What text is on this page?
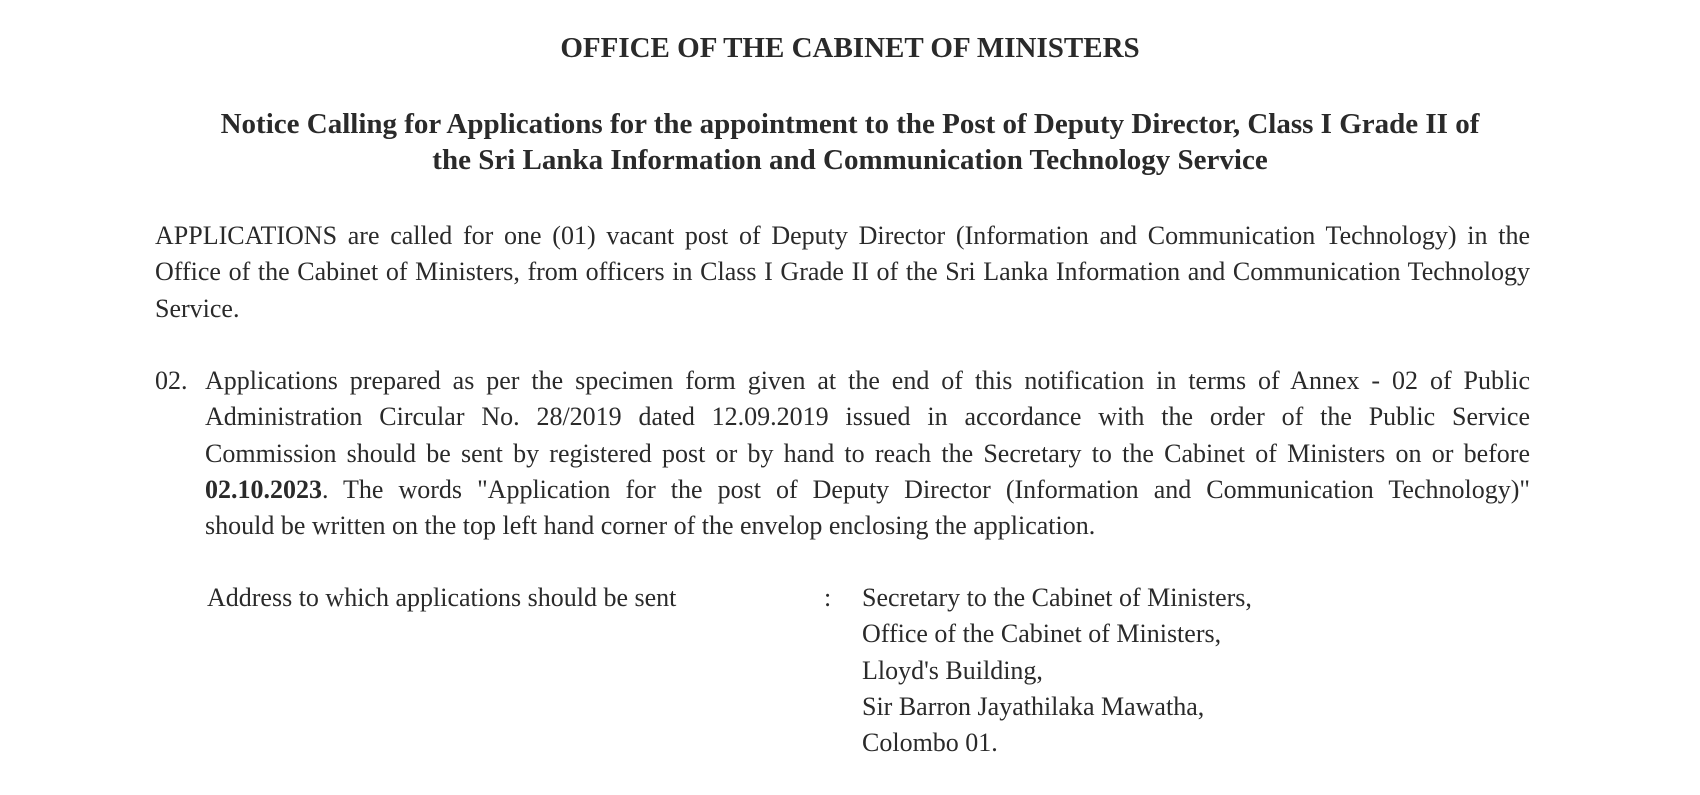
OFFICE OF THE CABINET OF MINISTERS
Notice Calling for Applications for the appointment to the Post of Deputy Director, Class I Grade II of
the Sri Lanka Information and Communication Technology Service

APPLICATIONS are called for one (01) vacant post of Deputy Director (Information and Communication Technology) in the Office of the Cabinet of Ministers, from officers in Class I Grade II of the Sri Lanka Information and Communication Technology Service.

02. Applications prepared as per the specimen form given at the end of this notification in terms of Annex - 02 of Public
Administration Circular No. 28/2019 dated 12.09.2019 issued in accordance with the order of the Public Service
Commission should be sent by registered post or by hand to reach the Secretary to the Cabinet of Ministers on or before
02.10.2023. The words "Application for the post of Deputy Director (Information and Communication Technology)"
should be written on the top left hand corner of the envelop enclosing the application.
Address to which applications should be sent	: Secretary to the Cabinet of Ministers,
Office of the Cabinet of Ministers,
Lloyd's Building,
Sir Barron Jayathilaka Mawatha,
Colombo 01.
